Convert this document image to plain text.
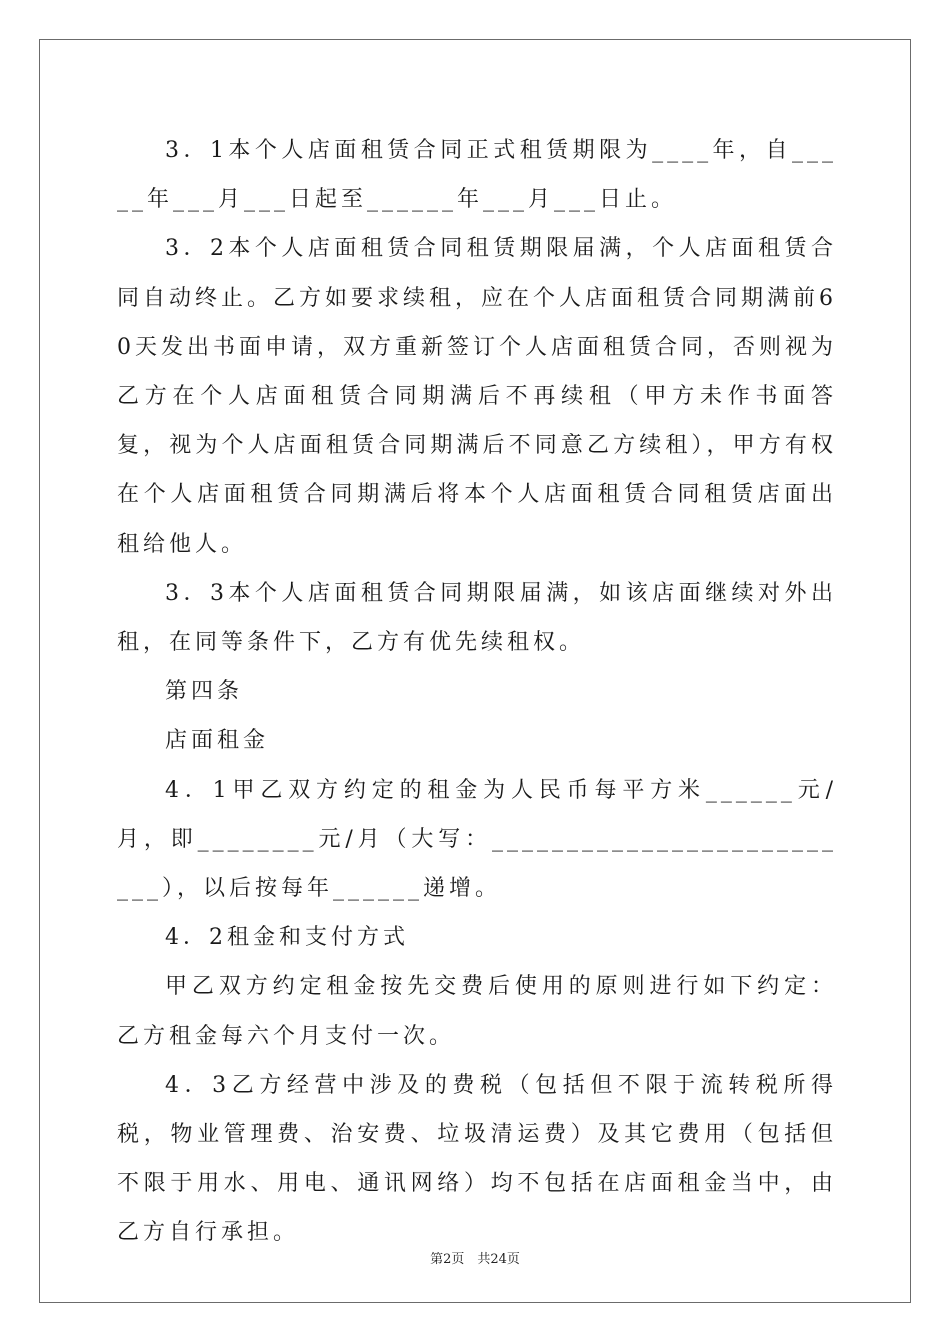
3．1本个人店面租赁合同正式租赁期限为____年，自_____年___月___日起至______年___月___日止。

3．2本个人店面租赁合同租赁期限届满，个人店面租赁合同自动终止。乙方如要求续租，应在个人店面租赁合同期满前60天发出书面申请，双方重新签订个人店面租赁合同，否则视为乙方在个人店面租赁合同期满后不再续租（甲方未作书面答复，视为个人店面租赁合同期满后不同意乙方续租），甲方有权在个人店面租赁合同期满后将本个人店面租赁合同租赁店面出租给他人。

3．3本个人店面租赁合同期限届满，如该店面继续对外出租，在同等条件下，乙方有优先续租权。

第四条

店面租金

4．1甲乙双方约定的租金为人民币每平方米______元/月，即________元/月（大写：__________________________），以后按每年______递增。

4．2租金和支付方式

甲乙双方约定租金按先交费后使用的原则进行如下约定：乙方租金每六个月支付一次。

4．3乙方经营中涉及的费税（包括但不限于流转税所得税，物业管理费、治安费、垃圾清运费）及其它费用（包括但不限于用水、用电、通讯网络）均不包括在店面租金当中，由乙方自行承担。

第2页　共24页
